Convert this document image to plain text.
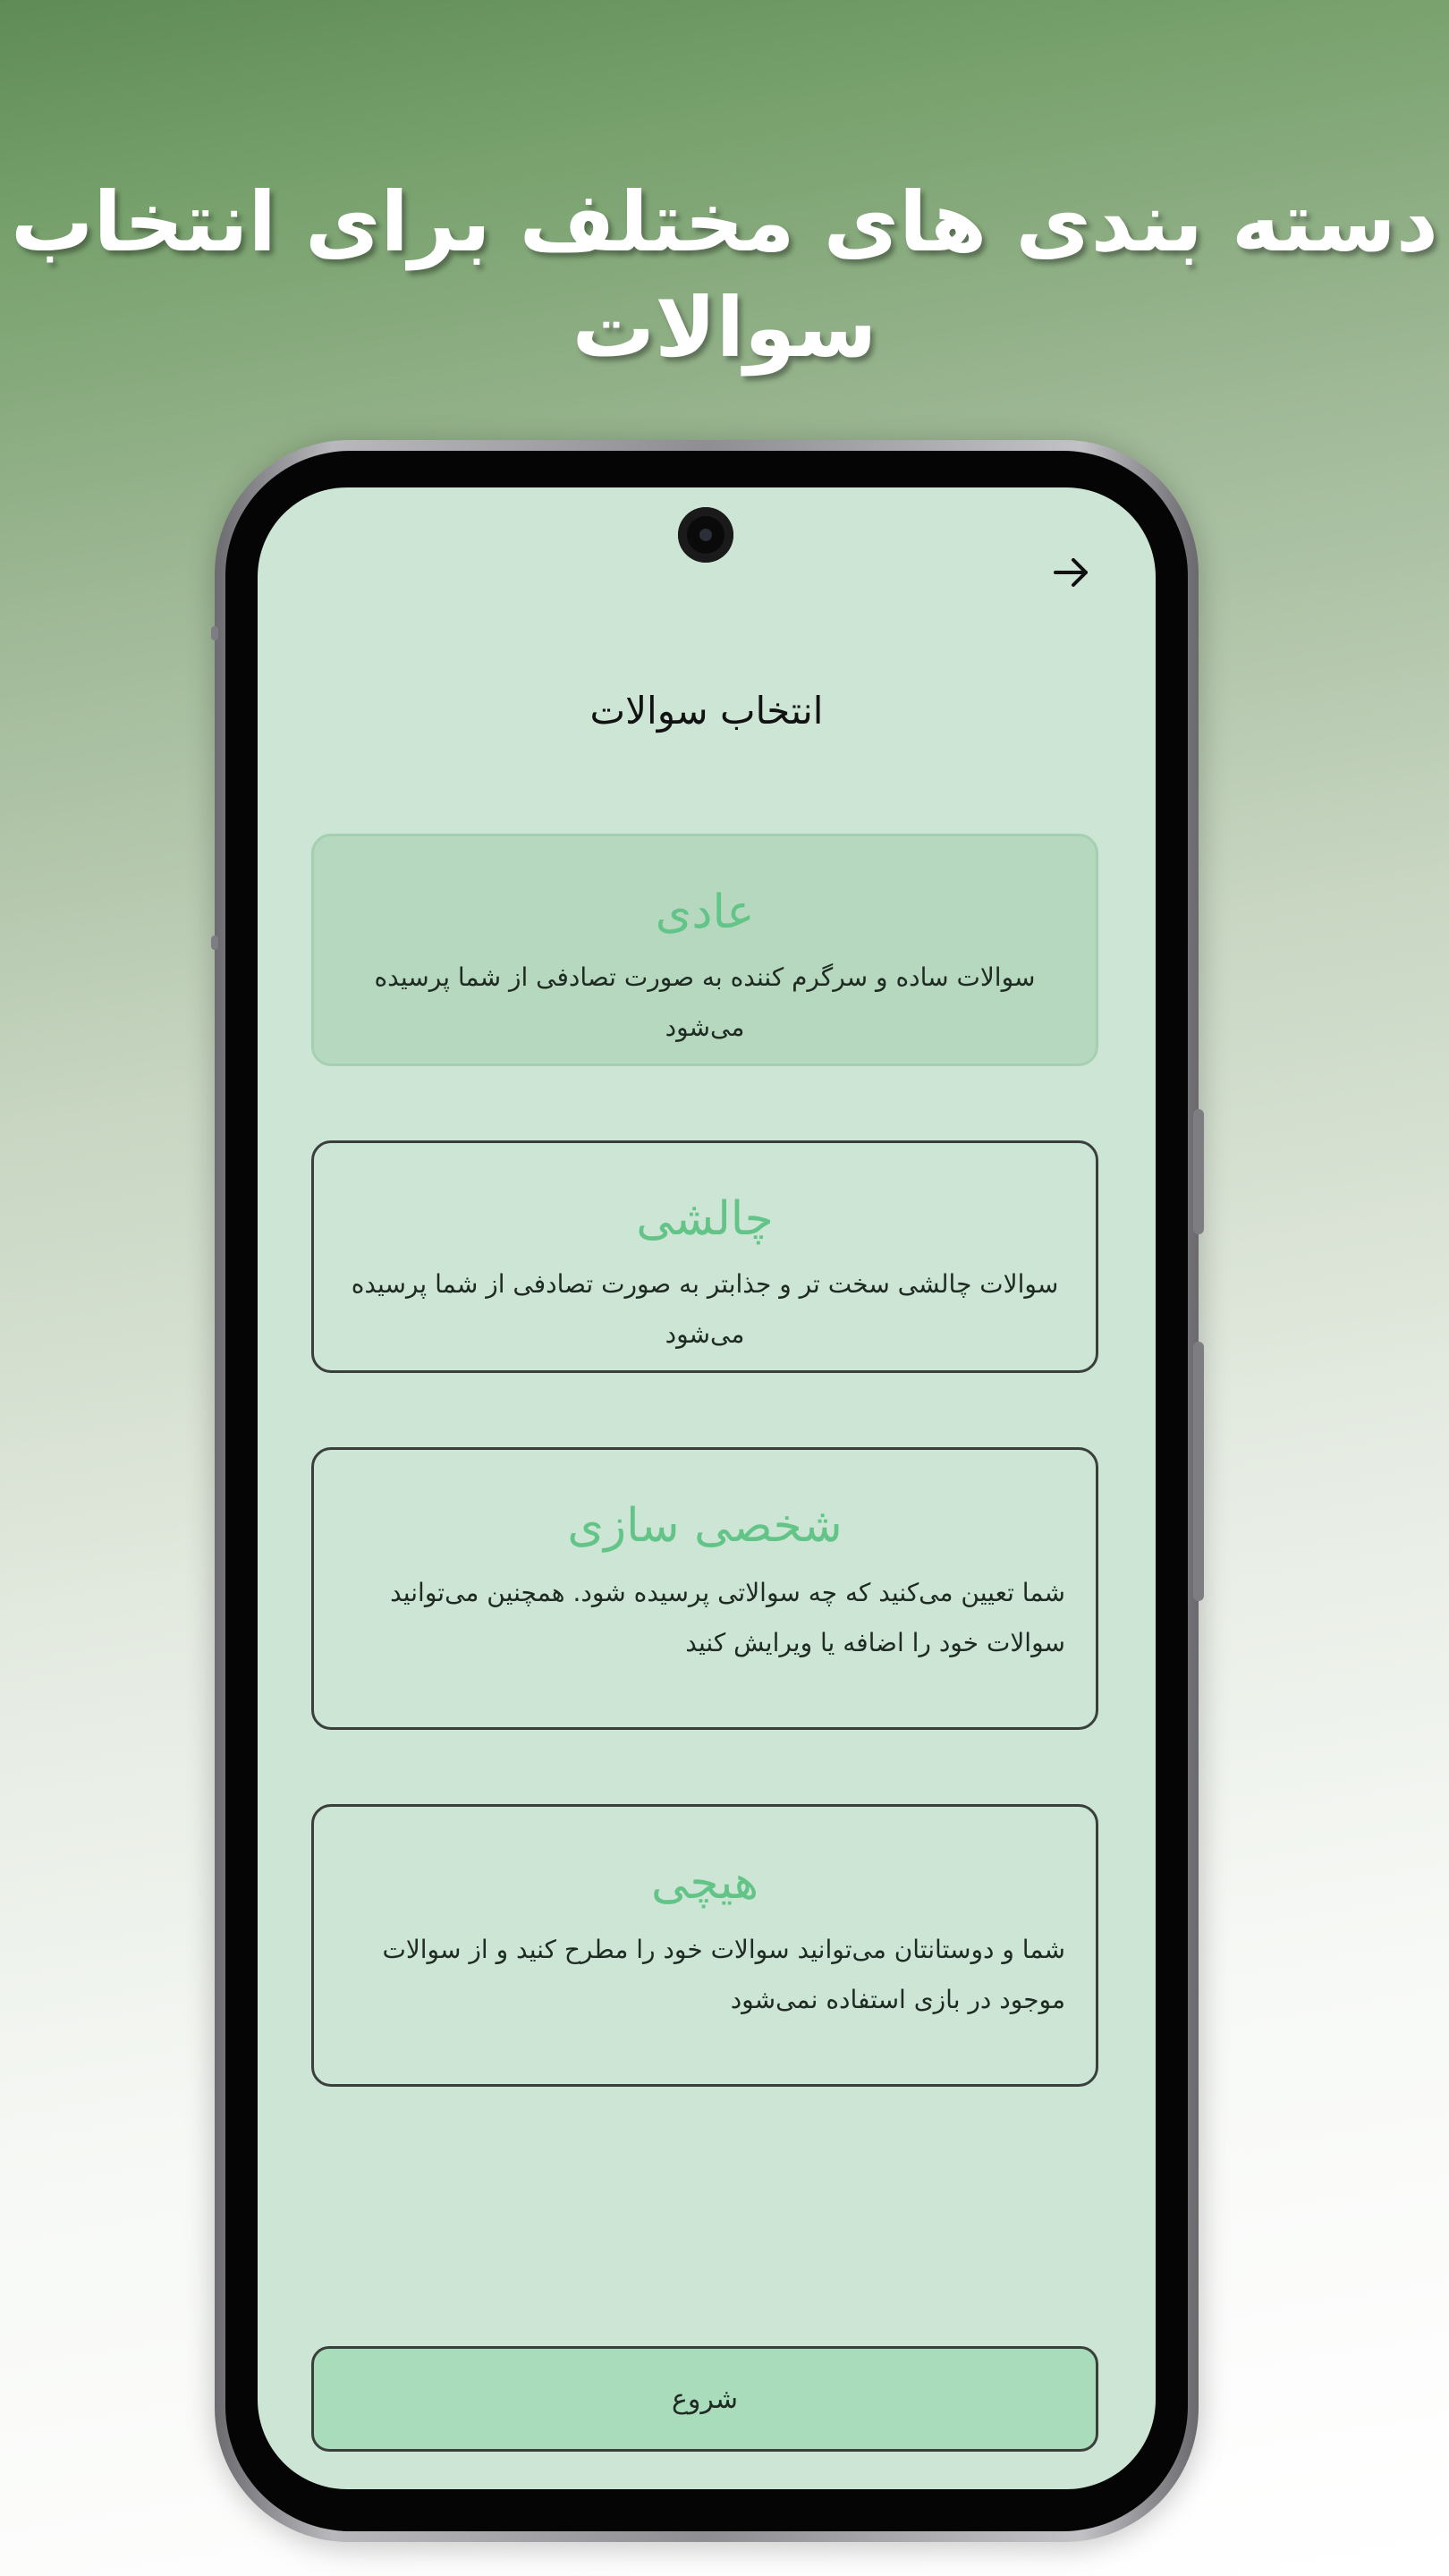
دسته بندی های مختلف برای انتخاب
سوالات
انتخاب سوالات
عادی
سوالات ساده و سرگرم کننده به صورت تصادفی از شما پرسیده می‌شود
چالشی
سوالات چالشی سخت تر و جذابتر به صورت تصادفی از شما پرسیده می‌شود
شخصی سازی
شما تعیین می‌کنید که چه سوالاتی پرسیده شود. همچنین می‌توانید سوالات خود را اضافه یا ویرایش کنید
هیچی
شما و دوستانتان می‌توانید سوالات خود را مطرح کنید و از سوالات موجود در بازی استفاده نمی‌شود
شروع
